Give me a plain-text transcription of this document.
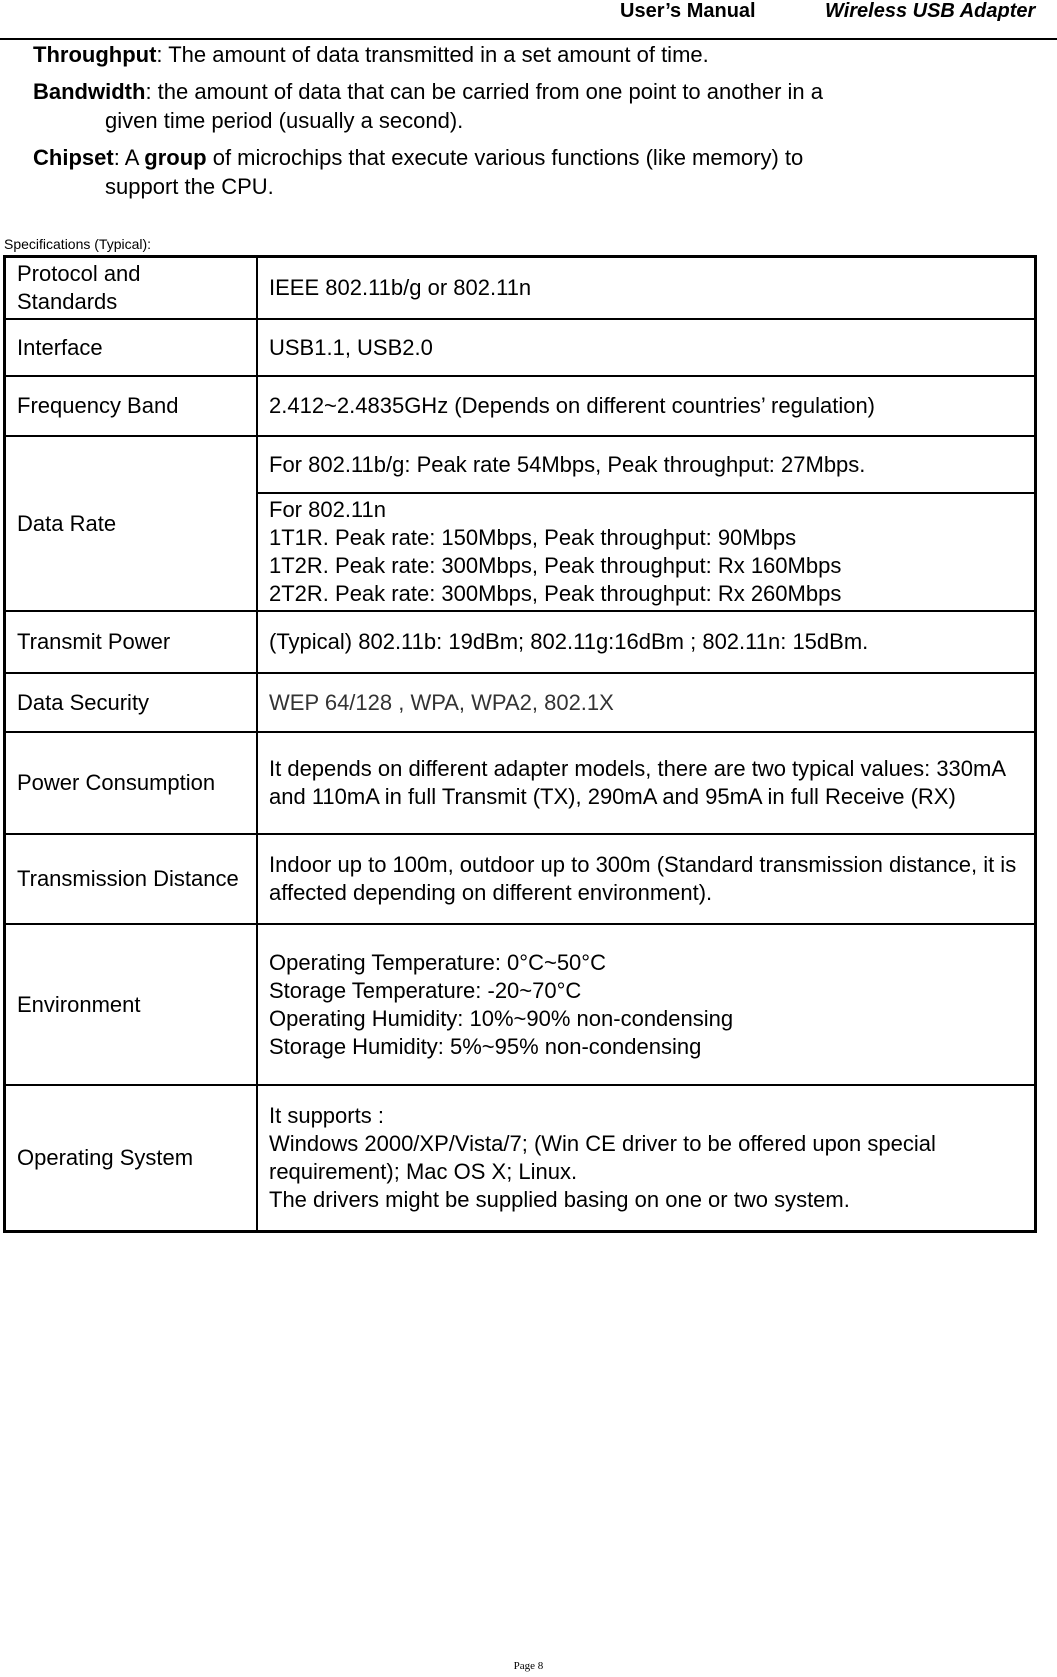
User’s Manual	Wireless USB Adapter
Throughput: The amount of data transmitted in a set amount of time.
Bandwidth: the amount of data that can be carried from one point to another in a
given time period (usually a second).
Chipset: A group of microchips that execute various functions (like memory) to
support the CPU.
Specifications (Typical):
Protocol and Standards	IEEE 802.11b/g or 802.11n
Interface	USB1.1, USB2.0
Frequency Band	2.412~2.4835GHz (Depends on different countries’ regulation)
Data Rate	For 802.11b/g: Peak rate 54Mbps, Peak throughput: 27Mbps.

	For 802.11n
1T1R. Peak rate: 150Mbps, Peak throughput: 90Mbps
1T2R. Peak rate: 300Mbps, Peak throughput: Rx 160Mbps
2T2R. Peak rate: 300Mbps, Peak throughput: Rx 260Mbps

Transmit Power	(Typical) 802.11b: 19dBm; 802.11g:16dBm ; 802.11n: 15dBm.
Data Security	WEP 64/128 , WPA, WPA2, 802.1X
Power Consumption	It depends on different adapter models, there are two typical values: 330mA and 110mA in full Transmit (TX), 290mA and 95mA in full Receive (RX)
Transmission Distance	Indoor up to 100m, outdoor up to 300m (Standard transmission distance, it is affected depending on different environment).
Environment	Operating Temperature: 0°C~50°C
Storage Temperature: -20~70°C
Operating Humidity: 10%~90% non-condensing
Storage Humidity: 5%~95% non-condensing

Operating System	It supports :
Windows 2000/XP/Vista/7; (Win CE driver to be offered upon special requirement); Mac OS X; Linux.
The drivers might be supplied basing on one or two system.
Page 8
